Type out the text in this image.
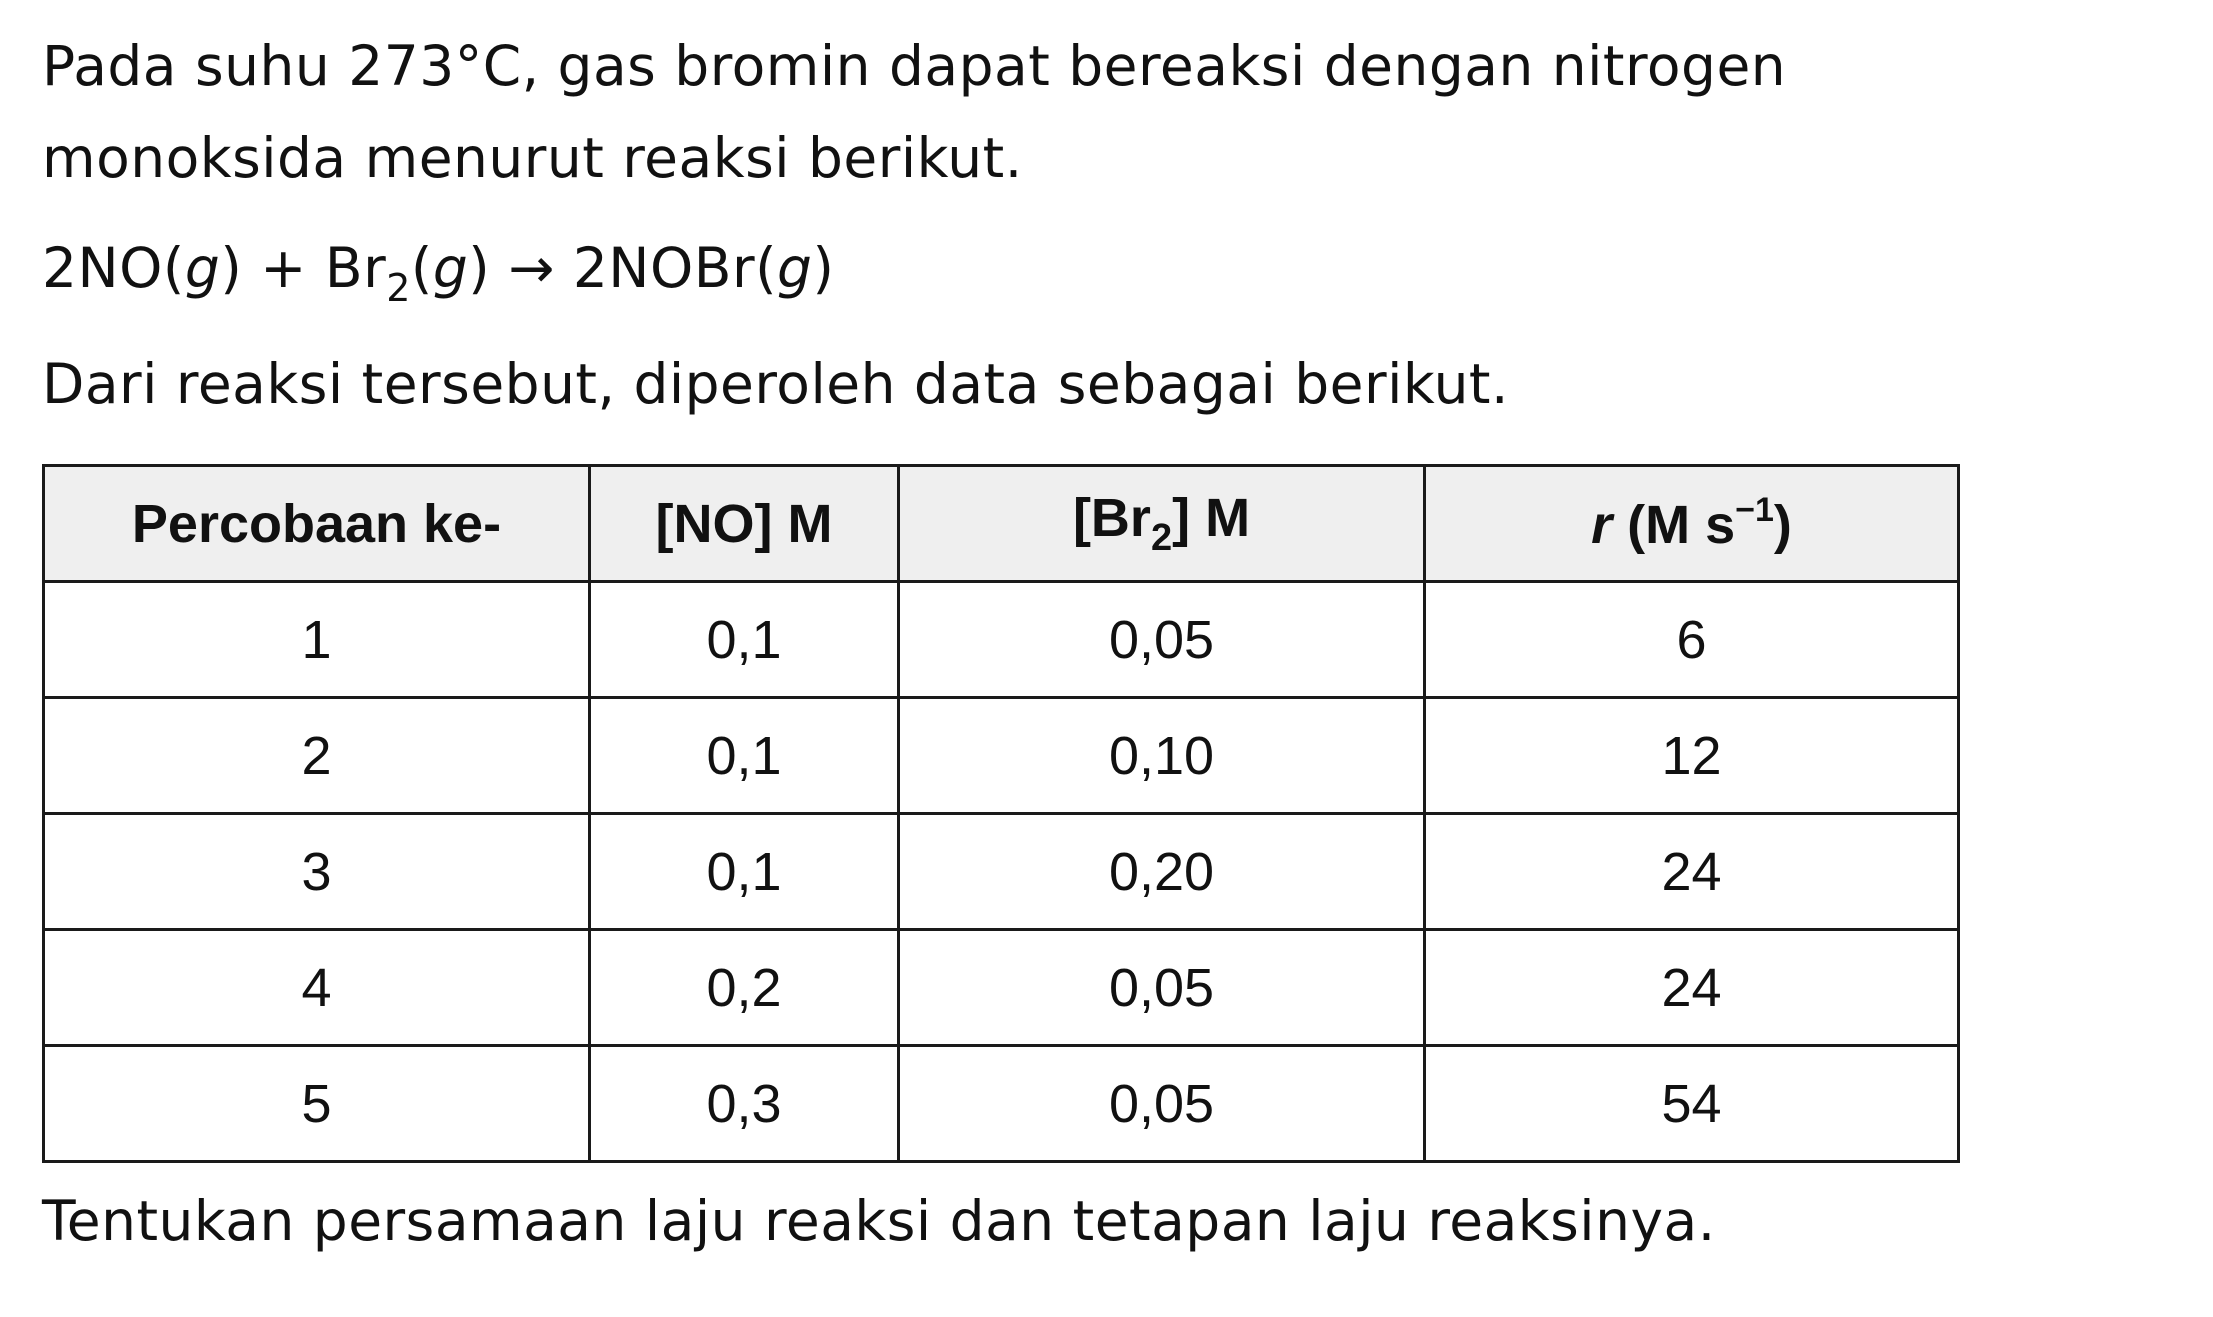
Pada suhu 273°C, gas bromin dapat bereaksi dengan nitrogen
monoksida menurut reaksi berikut.

$2NO(g) + Br_2(g)$ → 2NOBr(g)

Dari reaksi tersebut, diperoleh data sebagai berikut.

Percobaan ke-	[NO] M	$[Br_2]$ M	r (M $s^{-1}$)
1	0,1	0,05	6
2	0,1	0,10	12
3	0,1	0,20	24
4	0,2	0,05	24
5	0,3	0,05	54

Tentukan persamaan laju reaksi dan tetapan laju reaksinya.
